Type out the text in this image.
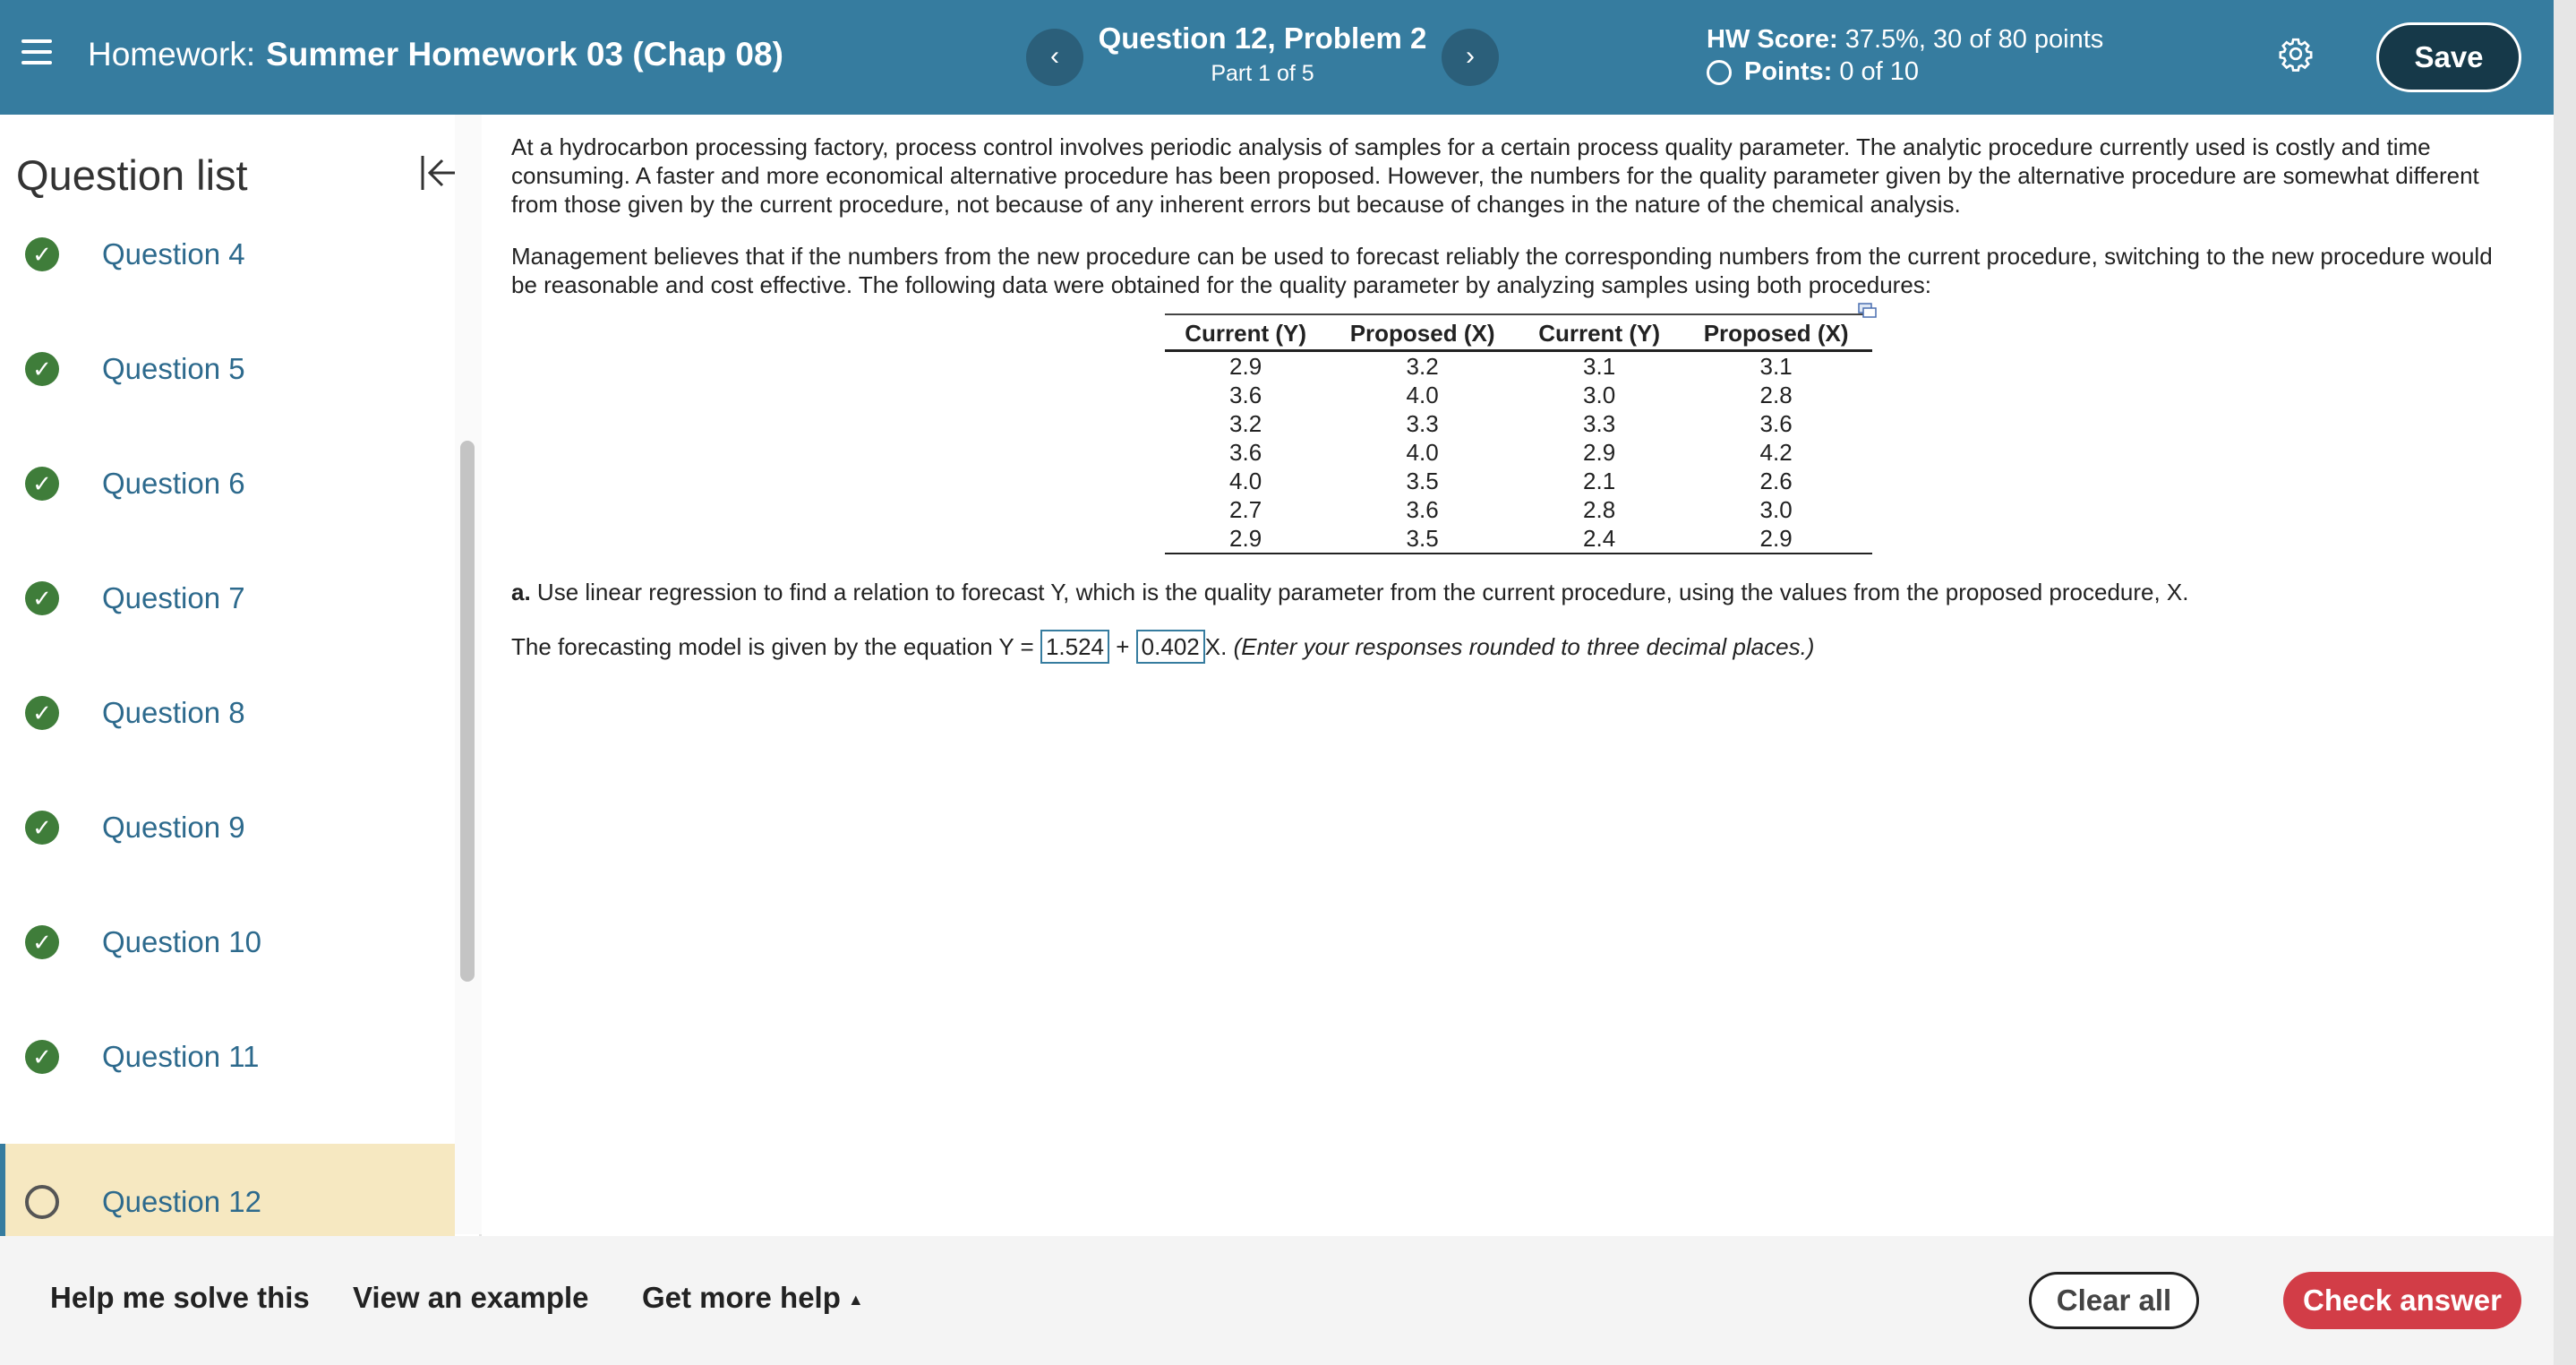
Homework: Summer Homework 03 (Chap 08)	‹
Question 12, Problem 2
Part 1 of 5
›
HW Score: 37.5%, 30 of 80 points
Points:
0 of 10	Save
Question list
✓ Question 4
✓ Question 5
✓ Question 6
✓ Question 7
✓ Question 8
✓ Question 9
✓ Question 10
✓ Question 11
Question 12

At a hydrocarbon processing factory, process control involves periodic analysis of samples for a certain process quality parameter. The analytic procedure currently used is costly and time consuming. A faster and more economical alternative procedure has been proposed. However, the numbers for the quality parameter given by the alternative procedure are somewhat different from those given by the current procedure, not because of any inherent errors but because of changes in the nature of the chemical analysis.

Management believes that if the numbers from the new procedure can be used to forecast reliably the corresponding numbers from the current procedure, switching to the new procedure would be reasonable and cost effective. The following data were obtained for the quality parameter by analyzing samples using both procedures:

Current (Y)	Proposed (X)	Current (Y)	Proposed (X)
2.9	3.2	3.1	3.1
3.6	4.0	3.0	2.8
3.2	3.3	3.3	3.6
3.6	4.0	2.9	4.2
4.0	3.5	2.1	2.6
2.7	3.6	2.8	3.0
2.9	3.5	2.4	2.9

a. Use linear regression to find a relation to forecast Y, which is the quality parameter from the current procedure, using the values from the proposed procedure, X.

The forecasting model is given by the equation Y = 1.524 + 0.402 X. (Enter your responses rounded to three decimal places.)

Help me solve this View an example Get more help ▲	Clear all	Check answer
